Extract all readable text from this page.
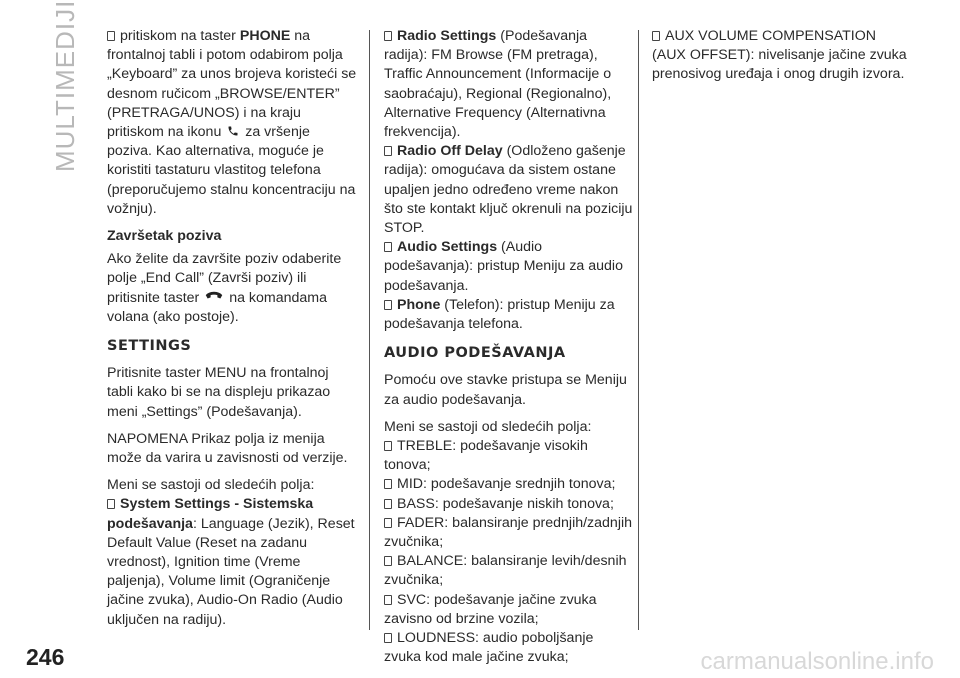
MULTIMEDIJI
246	carmanualsonline.info

pritiskom na taster PHONE na frontalnoj tabli i potom odabirom polja „Keyboard” za unos brojeva koristeći se desnom ručicom „BROWSE/ENTER” (PRETRAGA/UNOS) i na kraju pritiskom na ikonu  za vršenje poziva. Kao alternativa, moguće je koristiti tastaturu vlastitog telefona (preporučujemo stalnu koncentraciju na vožnju).

Završetak poziva

Ako želite da završite poziv odaberite polje „End Call” (Završi poziv) ili pritisnite taster na komandama volana (ako postoje).

SETTINGS

Pritisnite taster MENU na frontalnoj tabli kako bi se na displeju prikazao meni „Settings” (Podešavanja).

NAPOMENA Prikaz polja iz menija može da varira u zavisnosti od verzije.

Meni se sastoji od sledećih polja:

System Settings - Sistemska podešavanja: Language (Jezik), Reset Default Value (Reset na zadanu vrednost), Ignition time (Vreme paljenja), Volume limit (Ograničenje jačine zvuka), Audio-On Radio (Audio uključen na radiju).

Radio Settings (Podešavanja radija): FM Browse (FM pretraga), Traffic Announcement (Informacije o saobraćaju), Regional (Regionalno), Alternative Frequency (Alternativna frekvencija).

Radio Off Delay (Odloženo gašenje radija): omogućava da sistem ostane upaljen jedno određeno vreme nakon što ste kontakt ključ okrenuli na poziciju STOP.

Audio Settings (Audio podešavanja): pristup Meniju za audio podešavanja.

Phone (Telefon): pristup Meniju za podešavanja telefona.

AUDIO PODEŠAVANJA

Pomoću ove stavke pristupa se Meniju za audio podešavanja.

Meni se sastoji od sledećih polja:

TREBLE: podešavanje visokih tonova;

MID: podešavanje srednjih tonova;

BASS: podešavanje niskih tonova;

FADER: balansiranje prednjih/zadnjih zvučnika;

BALANCE: balansiranje levih/desnih zvučnika;

SVC: podešavanje jačine zvuka zavisno od brzine vozila;

LOUDNESS: audio poboljšanje zvuka kod male jačine zvuka;

AUX VOLUME COMPENSATION (AUX OFFSET): nivelisanje jačine zvuka prenosivog uređaja i onog drugih izvora.
